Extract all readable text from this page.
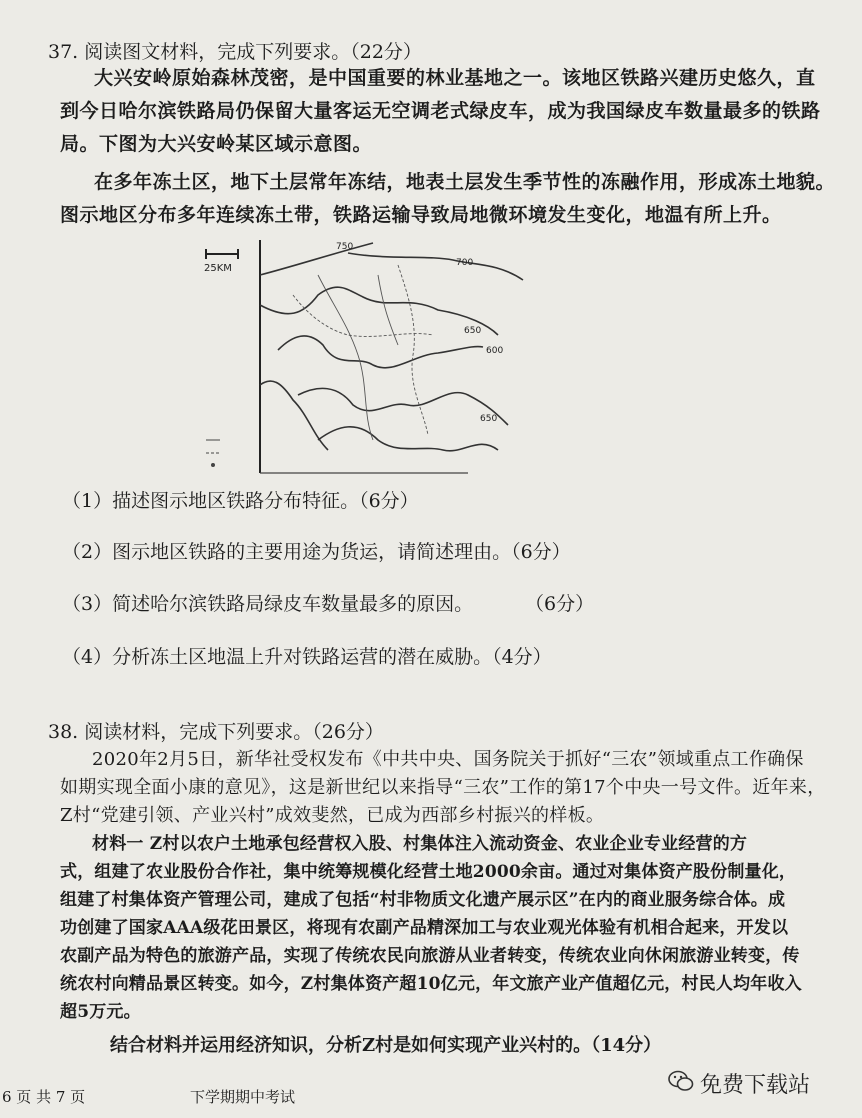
37. 阅读图文材料，完成下列要求。（22分）
大兴安岭原始森林茂密，是中国重要的林业基地之一。该地区铁路兴建历史悠久，直
到今日哈尔滨铁路局仍保留大量客运无空调老式绿皮车，成为我国绿皮车数量最多的铁路
局。下图为大兴安岭某区域示意图。
在多年冻土区，地下土层常年冻结，地表土层发生季节性的冻融作用，形成冻土地貌。
图示地区分布多年连续冻土带，铁路运输导致局地微环境发生变化，地温有所上升。
25KM
750
700
650
600
650
（1）描述图示地区铁路分布特征。（6分）
（2）图示地区铁路的主要用途为货运，请简述理由。（6分）
（3）简述哈尔滨铁路局绿皮车数量最多的原因。	（6分）
（4）分析冻土区地温上升对铁路运营的潜在威胁。（4分）
38. 阅读材料，完成下列要求。（26分）
2020年2月5日，新华社受权发布《中共中央、国务院关于抓好“三农”领域重点工作确保
如期实现全面小康的意见》，这是新世纪以来指导“三农”工作的第17个中央一号文件。近年来，
Z村“党建引领、产业兴村”成效斐然，已成为西部乡村振兴的样板。
材料一 Z村以农户土地承包经营权入股、村集体注入流动资金、农业企业专业经营的方
式，组建了农业股份合作社，集中统筹规模化经营土地2000余亩。通过对集体资产股份制量化，
组建了村集体资产管理公司，建成了包括“村非物质文化遗产展示区”在内的商业服务综合体。成
功创建了国家AAA级花田景区，将现有农副产品精深加工与农业观光体验有机相合起来，开发以
农副产品为特色的旅游产品，实现了传统农民向旅游从业者转变，传统农业向休闲旅游业转变，传
统农村向精品景区转变。如今，Z村集体资产超10亿元，年文旅产业产值超亿元，村民人均年收入
超5万元。
结合材料并运用经济知识，分析Z村是如何实现产业兴村的。（14分）
6 页 共 7 页	下学期期中考试	免费下载站
